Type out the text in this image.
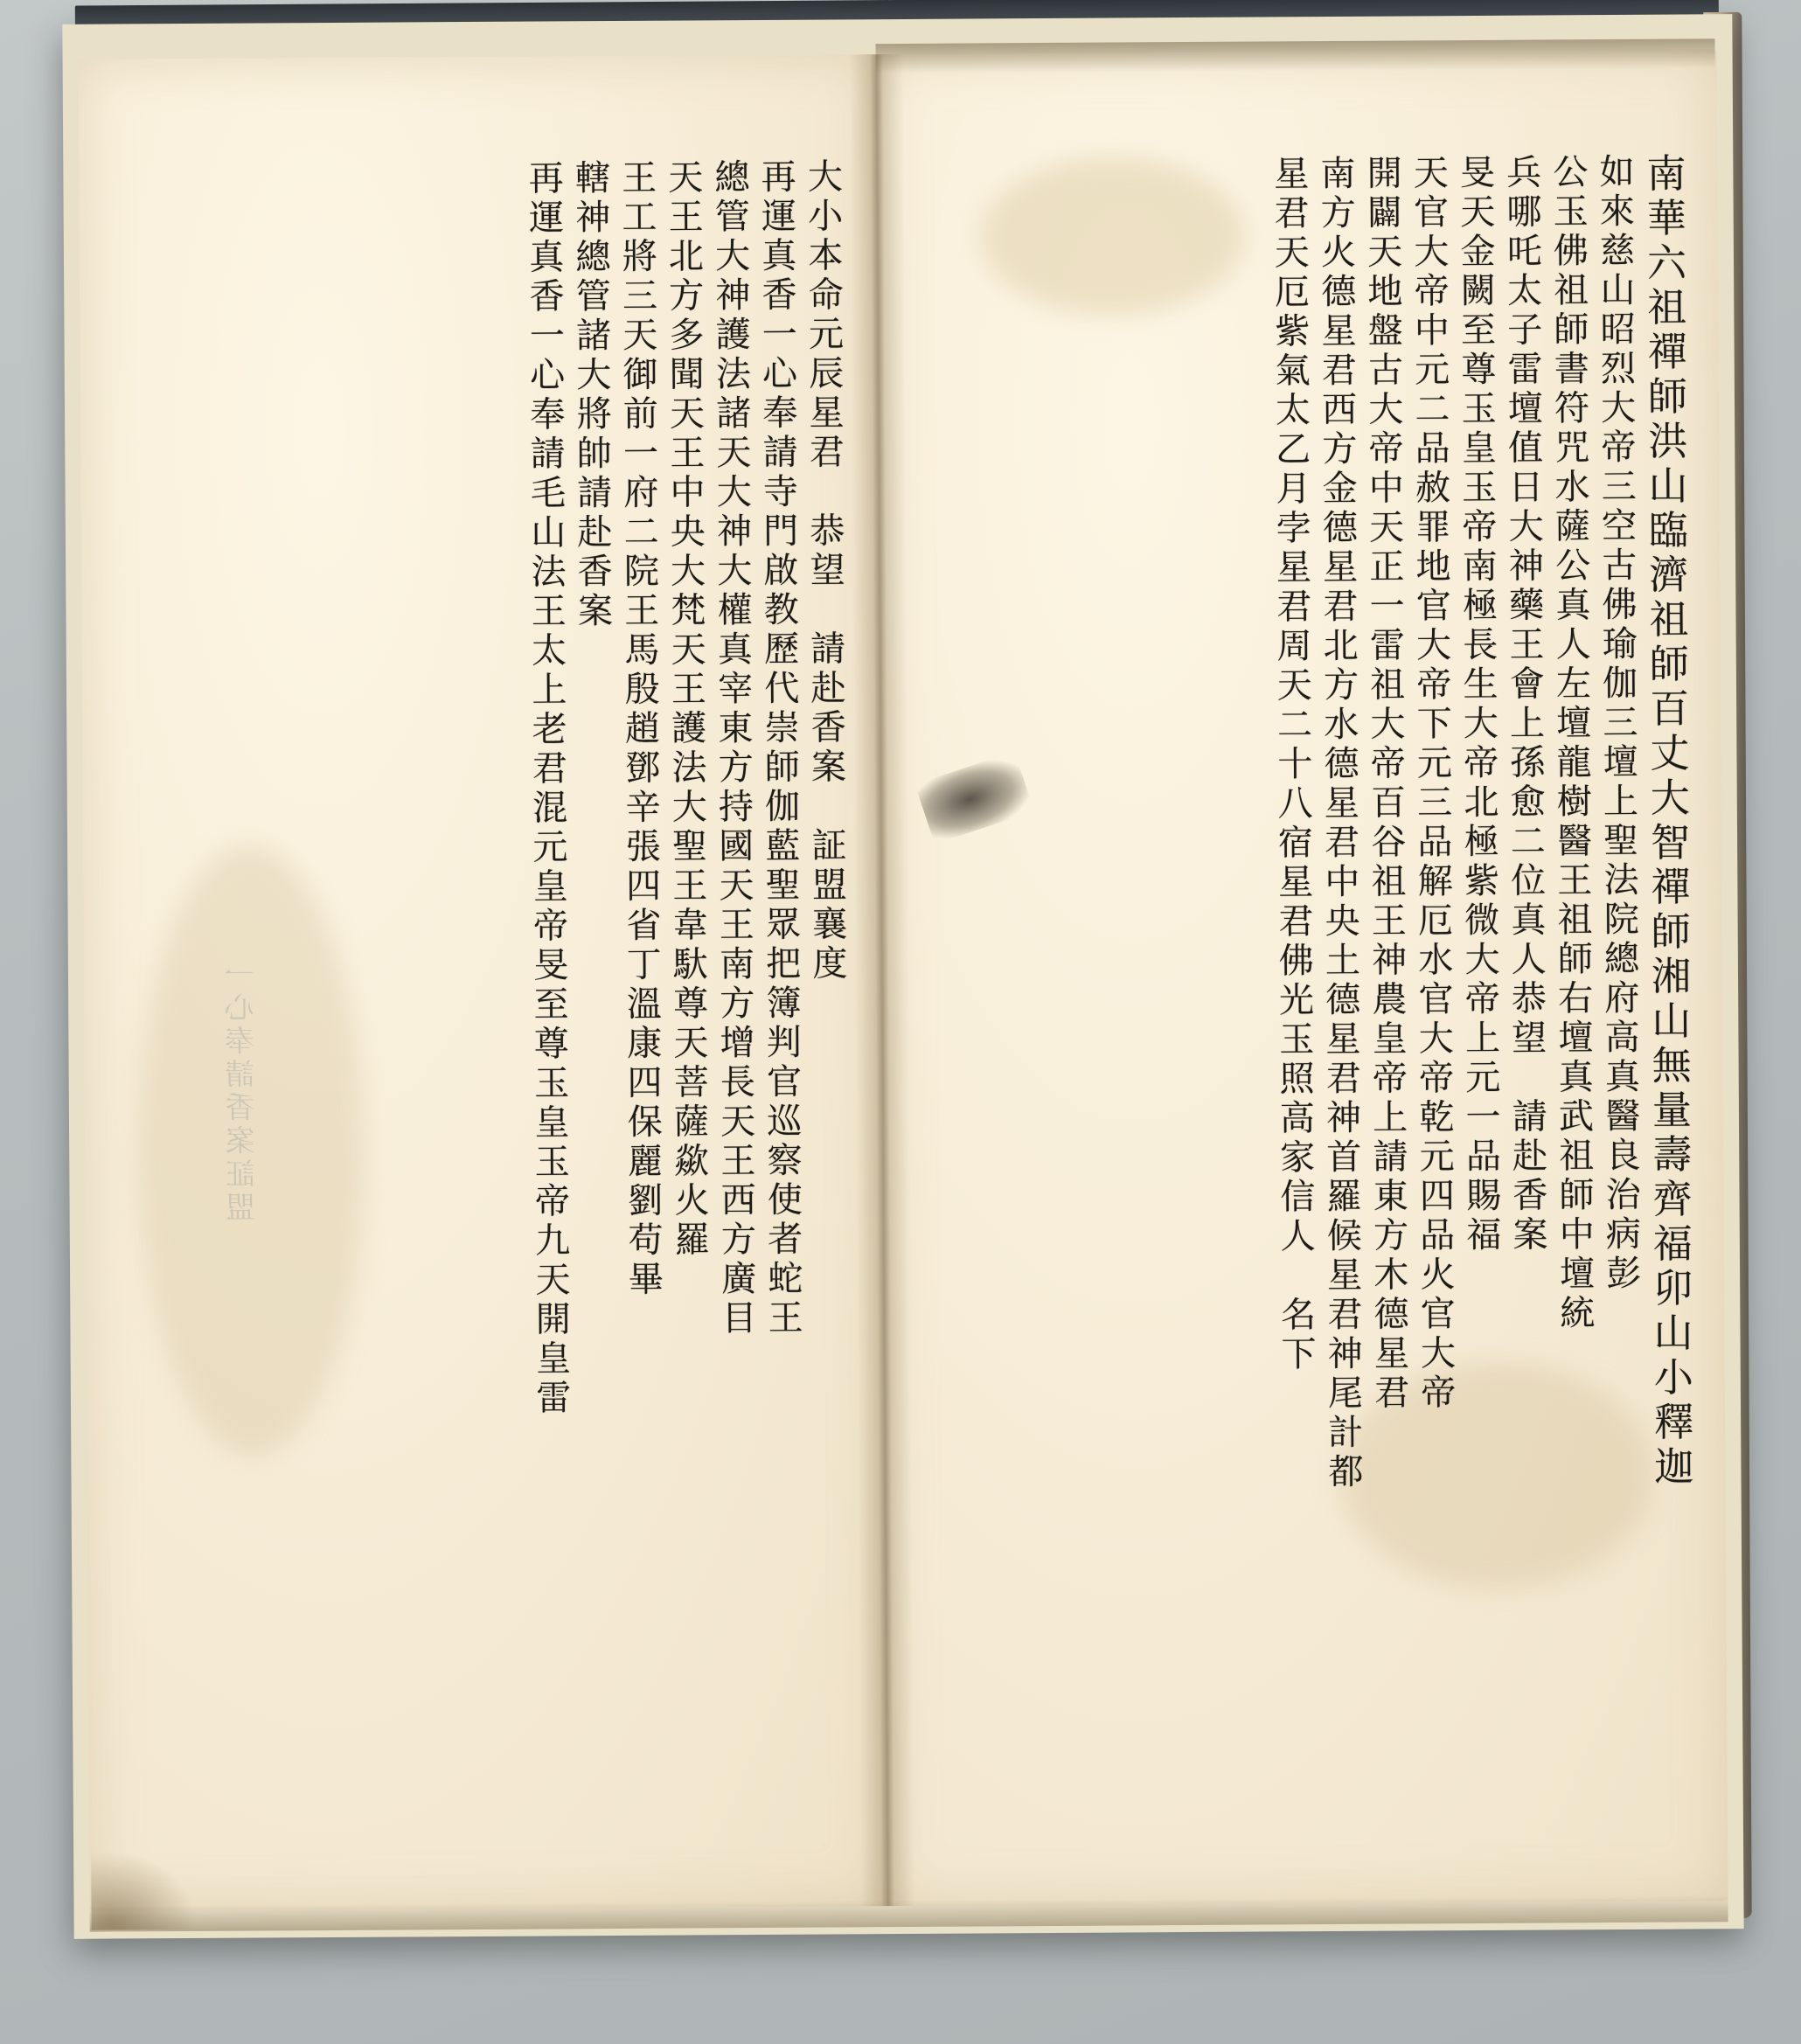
南華六祖禪師洪山臨濟祖師百丈大智禪師湘山無量壽齊福卯山小釋迦
如來慈山昭烈大帝三空古佛瑜伽三壇上聖法院總府高真醫良治病彭
公玉佛祖師書符咒水薩公真人左壇龍樹醫王祖師右壇真武祖師中壇統
兵哪吒太子雷壇值日大神藥王會上孫愈二位真人恭望　請赴香案
旻天金闕至尊玉皇玉帝南極長生大帝北極紫微大帝上元一品賜福
天官大帝中元二品赦罪地官大帝下元三品解厄水官大帝乾元四品火官大帝
開闢天地盤古大帝中天正一雷祖大帝百谷祖王神農皇帝上請東方木德星君
南方火德星君西方金德星君北方水德星君中央土德星君神首羅候星君神尾計都
星君天厄紫氣太乙月孛星君周天二十八宿星君佛光玉照高家信人　名下
一心奉請香案証盟
大小本命元辰星君　恭望　請赴香案　証盟襄度
再運真香一心奉請寺門啟教歷代崇師伽藍聖眾把簿判官巡察使者蛇王
總管大神護法諸天大神大權真宰東方持國天王南方增長天王西方廣目
天王北方多聞天王中央大梵天王護法大聖王韋馱尊天菩薩歘火羅
王工將三天御前一府二院王馬殷趙鄧辛張四省丁溫康四保麗劉苟畢
轄神總管諸大將帥請赴香案
再運真香一心奉請毛山法王太上老君混元皇帝旻至尊玉皇玉帝九天開皇雷
